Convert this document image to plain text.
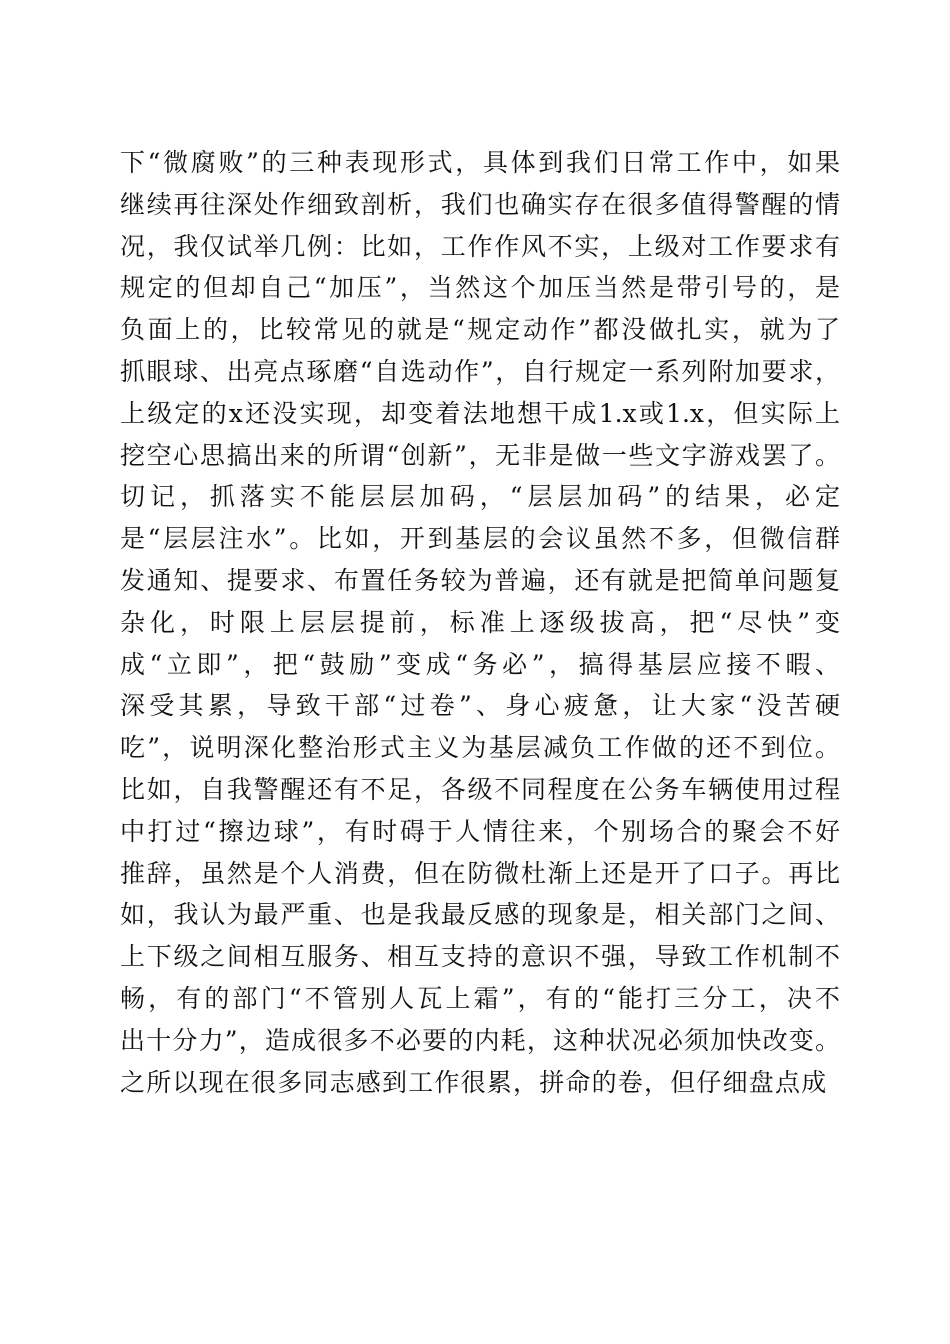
下“微腐败”的三种表现形式，具体到我们日常工作中，如果
继续再往深处作细致剖析，我们也确实存在很多值得警醒的情
况，我仅试举几例：比如，工作作风不实，上级对工作要求有
规定的但却自己“加压”，当然这个加压当然是带引号的，是
负面上的，比较常见的就是“规定动作”都没做扎实，就为了
抓眼球、出亮点琢磨“自选动作”，自行规定一系列附加要求，
上级定的x还没实现，却变着法地想干成1.x或1.x，但实际上
挖空心思搞出来的所谓“创新”，无非是做一些文字游戏罢了。
切记，抓落实不能层层加码，“层层加码”的结果，必定
是“层层注水”。比如，开到基层的会议虽然不多，但微信群
发通知、提要求、布置任务较为普遍，还有就是把简单问题复
杂化，时限上层层提前，标准上逐级拔高，把“尽快”变
成“立即”，把“鼓励”变成“务必”，搞得基层应接不暇、
深受其累，导致干部“过卷”、身心疲惫，让大家“没苦硬
吃”，说明深化整治形式主义为基层减负工作做的还不到位。
比如，自我警醒还有不足，各级不同程度在公务车辆使用过程
中打过“擦边球”，有时碍于人情往来，个别场合的聚会不好
推辞，虽然是个人消费，但在防微杜渐上还是开了口子。再比
如，我认为最严重、也是我最反感的现象是，相关部门之间、
上下级之间相互服务、相互支持的意识不强，导致工作机制不
畅，有的部门“不管别人瓦上霜”，有的“能打三分工，决不
出十分力”，造成很多不必要的内耗，这种状况必须加快改变。
之所以现在很多同志感到工作很累，拼命的卷，但仔细盘点成
